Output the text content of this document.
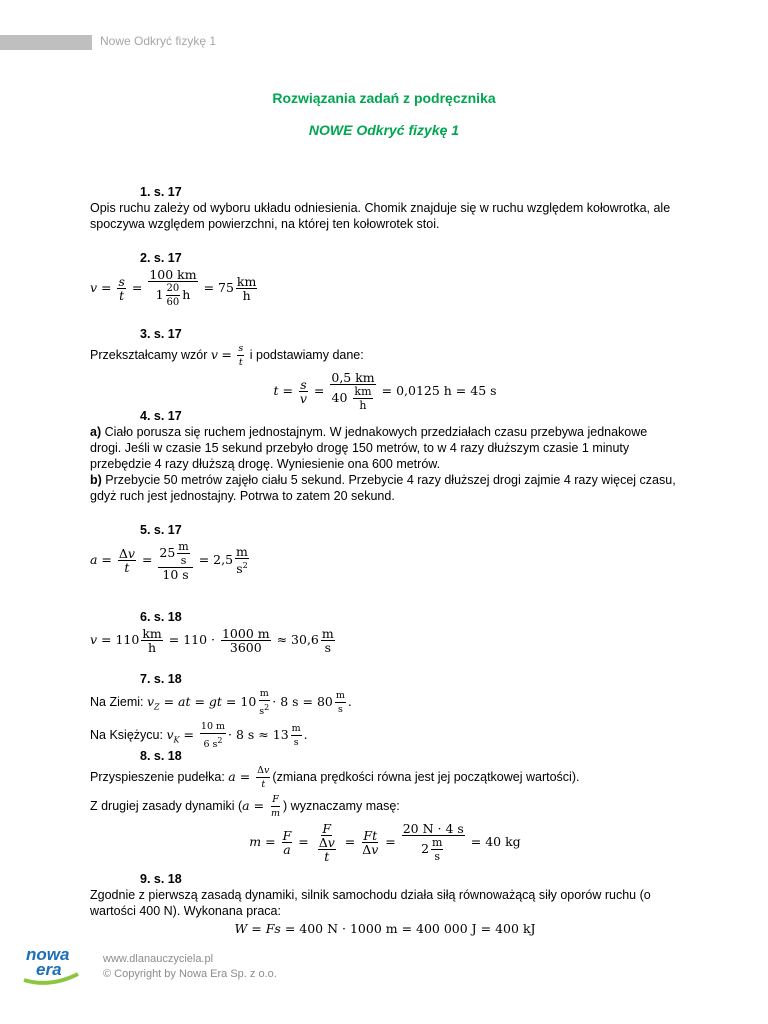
Nowe Odkryć fizykę 1
Rozwiązania zadań z podręcznika
NOWE Odkryć fizykę 1
1. s. 17
Opis ruchu zależy od wyboru układu odniesienia. Chomik znajduje się w ruchu względem kołowrotka, ale spoczywa względem powierzchni, na której ten kołowrotek stoi.
2. s. 17
$v = \frac{s}{t} = \frac{100 km}{1 \frac{20}{60} h} = 75 \frac{km}{h}$
3. s. 17
Przekształcamy wzór $v = \frac{s}{t}$ i podstawiamy dane:
$t = \frac{s}{v} = \frac{0,5 km}{40 \frac{km}{h}} = 0,0125$ h = 45 s
4. s. 17
a) Ciało porusza się ruchem jednostajnym. W jednakowych przedziałach czasu przebywa jednakowe drogi. Jeśli w czasie 15 sekund przebyło drogę 150 metrów, to w 4 razy dłuższym czasie 1 minuty przebędzie 4 razy dłuższą drogę. Wyniesienie ona 600 metrów.
b) Przebycie 50 metrów zajęło ciału 5 sekund. Przebycie 4 razy dłuższej drogi zajmie 4 razy więcej czasu, gdyż ruch jest jednostajny. Potrwa to zatem 20 sekund.
5. s. 17
$a = \frac{\Delta v}{t} = \frac{25 \frac{m}{s}}{10 s} = 2,5 \frac{m}{s^2}$
6. s. 18
$v = 110 \frac{km}{h} = 110 \cdot \frac{1000 m}{3600} \approx 30,6 \frac{m}{s}$
7. s. 18
Na Ziemi: $v_Z$ = at = gt = $10 \frac{m}{s^2} \cdot 8$ $s = 80 \frac{m}{s}$ .
Na Księżycu: $v_K = \frac{10 m}{6 s^2} \cdot 8$ $s \approx 13 \frac{m}{s}$ .
8. s. 18
Przyspieszenie pudełka: $a = \frac{\Delta v}{t}$ (zmiana prędkości równa jest jej początkowej wartości).
Z drugiej zasady dynamiki ($a = \frac{F}{m}$ ) wyznaczamy masę:
$m = \frac{F}{a} = \frac{F}{\frac{\Delta v}{t}} = \frac{Ft}{\Delta v} = \frac{20 N \cdot 4 s}{2 \frac{m}{s}} = 40$ kg
9. s. 18
Zgodnie z pierwszą zasadą dynamiki, silnik samochodu działa siłą równoważącą siły oporów ruchu (o wartości 400 N). Wykonana praca:
W = Fs = 400 N · 1000 m = 400 000 J = 400 kJ
nowa
era
www.dlanauczyciela.pl
© Copyright by Nowa Era Sp. z o.o.
